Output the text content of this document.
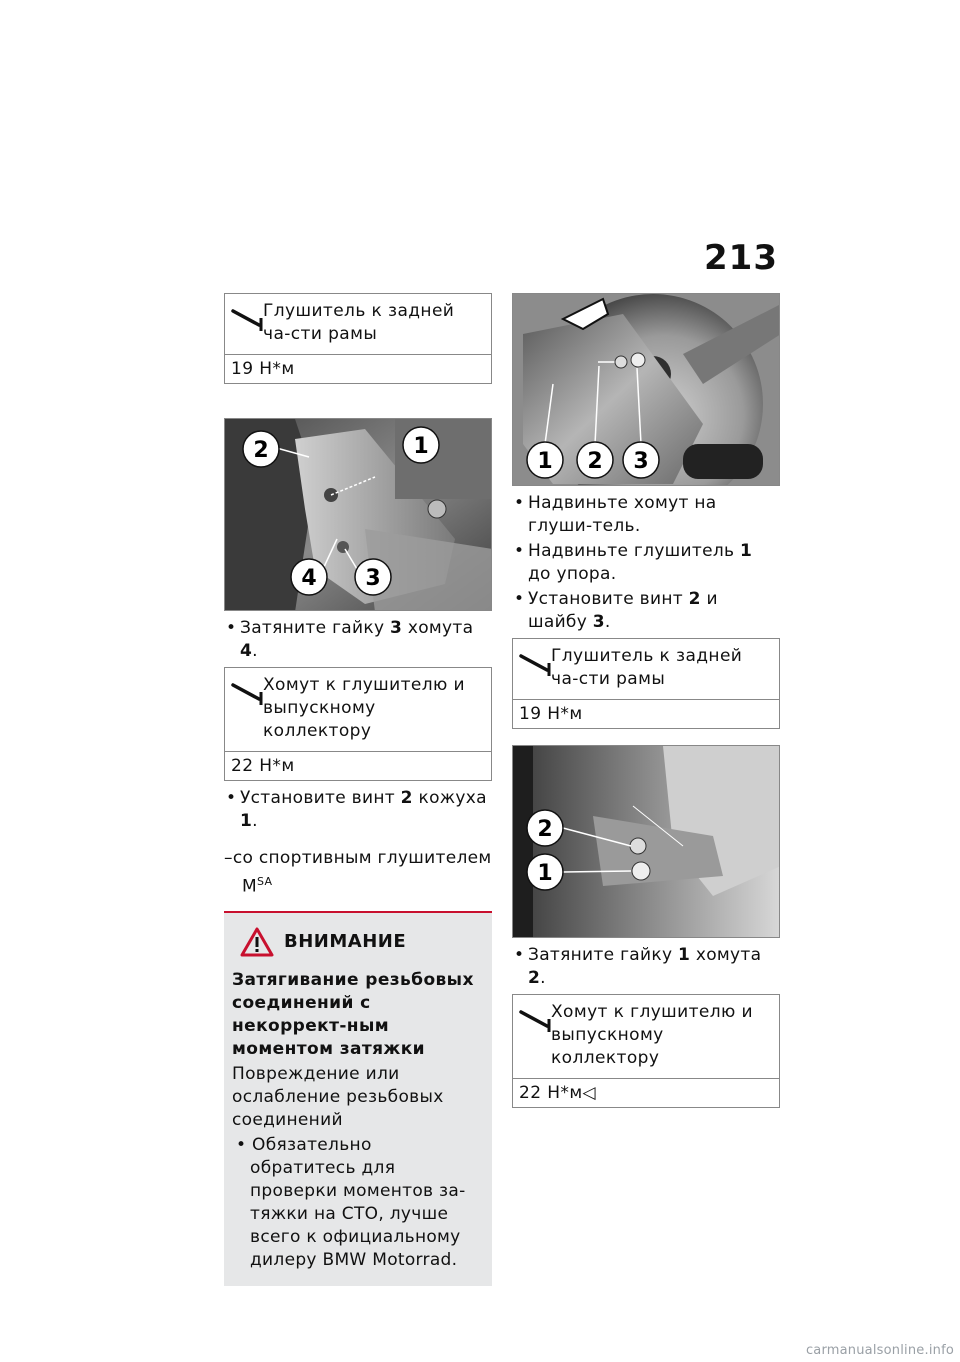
213
Глушитель к задней ча-сти рамы
19 Н*м
2	1
4 3
• Затяните гайку 3 хомута 4.
Хомут к глушителю и выпускному коллектору
22 Н*м
• Установите винт 2 кожуха 1.
–со спортивным глушителем $M^{SA}$
ВНИМАНИЕ
Затягивание резьбовых соединений с некоррект-ным моментом затяжки
Повреждение или ослабление резьбовых соединений
• Обязательно обратитесь для проверки моментов за-тяжки на СТО, лучше всего к официальному дилеру BMW Motorrad.
1 2 3
• Надвиньте хомут на глуши-тель.
• Надвиньте глушитель 1 до упора.
• Установите винт 2 и шайбу 3.
Глушитель к задней ча-сти рамы
19 Н*м
2
1
• Затяните гайку 1 хомута 2.
Хомут к глушителю и выпускному коллектору
22 Н*м◁
carmanualsonline.info
